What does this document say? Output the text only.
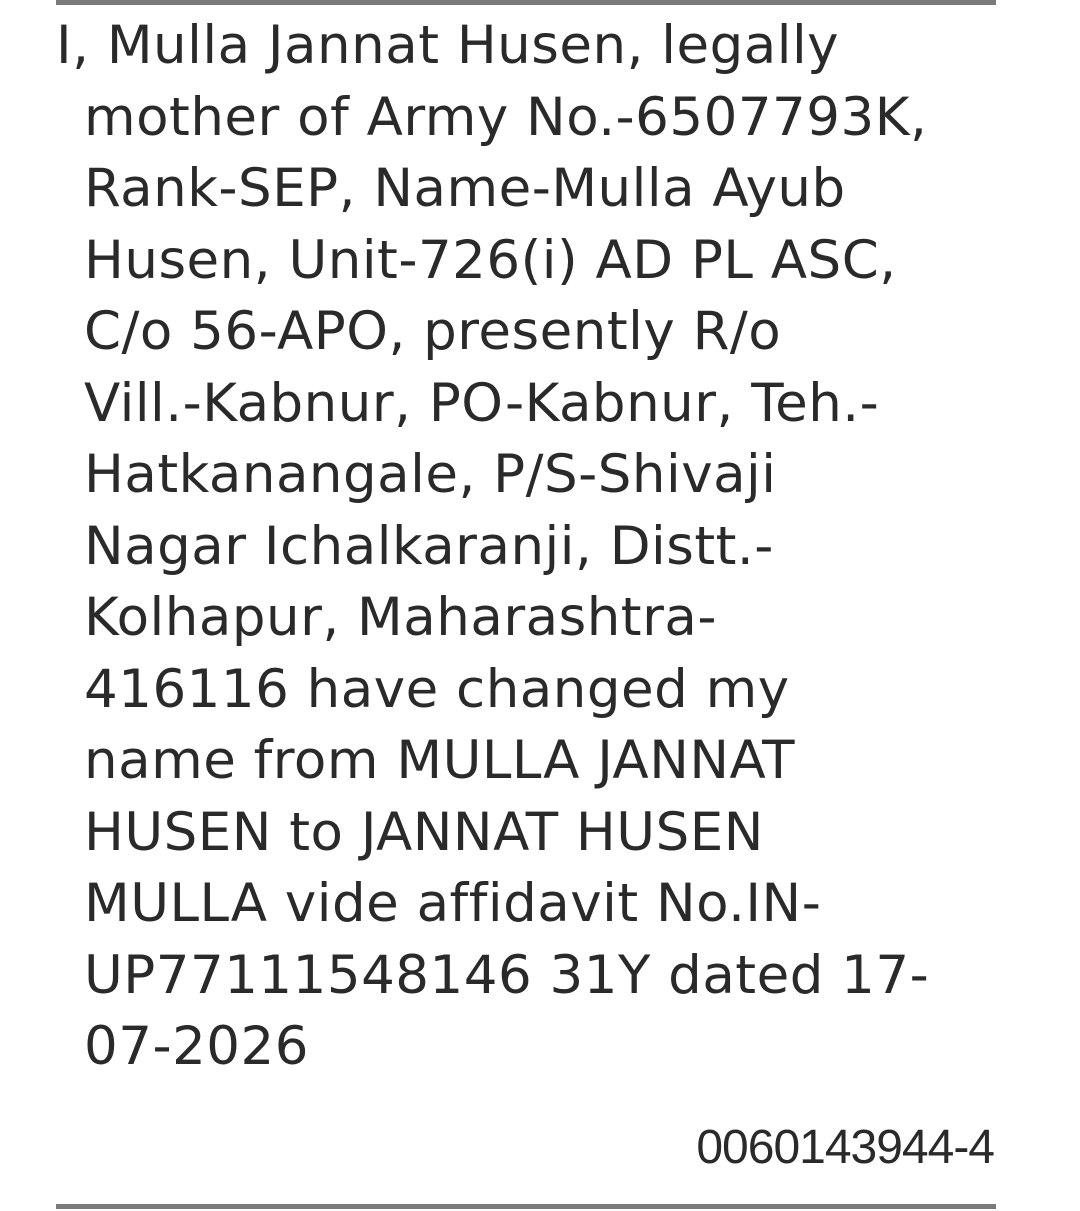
I, Mulla Jannat Husen, legally
mother of Army No.-6507793K,
Rank-SEP, Name-Mulla Ayub
Husen, Unit-726(i) AD PL ASC,
C/o 56-APO, presently R/o
Vill.-Kabnur, PO-Kabnur, Teh.-
Hatkanangale, P/S-Shivaji
Nagar Ichalkaranji, Distt.-
Kolhapur, Maharashtra-
416116 have changed my
name from MULLA JANNAT
HUSEN to JANNAT HUSEN
MULLA vide affidavit No.IN-
UP77111548146 31Y dated 17-
07-2026
0060143944-4
